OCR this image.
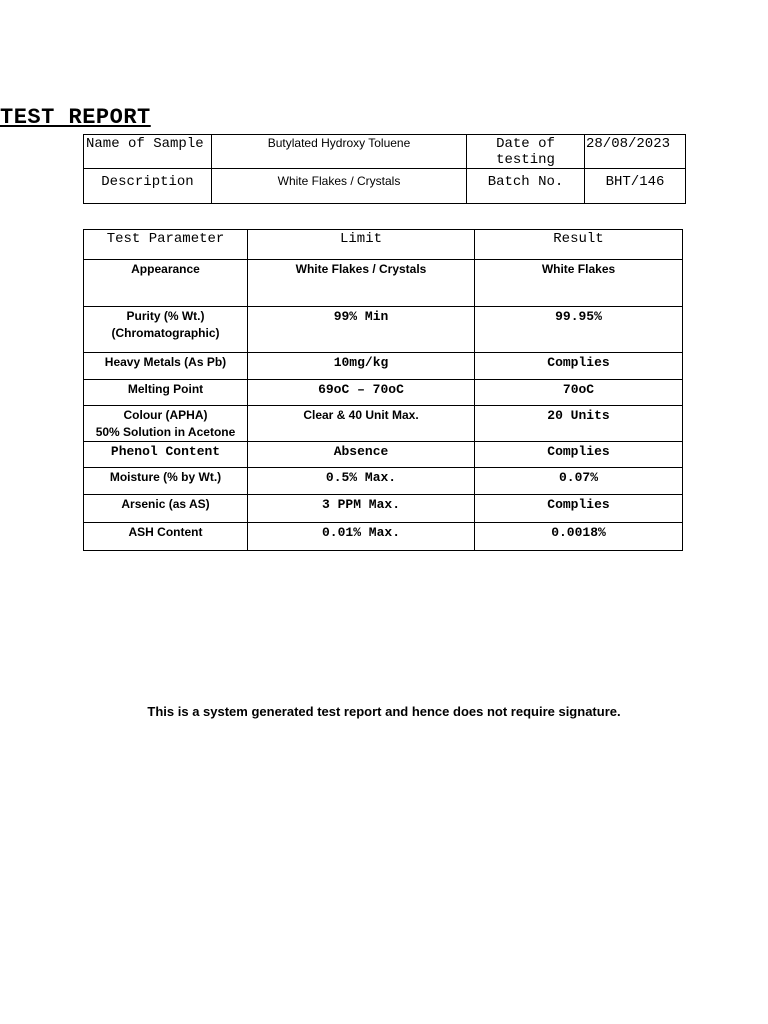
TEST REPORT
Name of Sample	Butylated Hydroxy Toluene	Date of testing	28/08/2023
Description	White Flakes / Crystals	Batch No.	BHT/146
Test Parameter	Limit	Result

Appearance	White Flakes / Crystals	White Flakes

Purity (% Wt.)
(Chromatographic)	99% Min	99.95%

Heavy Metals (As Pb)	10mg/kg	Complies

Melting Point	69oC – 70oC	70oC

Colour (APHA)
50% Solution in Acetone	Clear & 40 Unit Max.	20 Units

Phenol Content	Absence	Complies

Moisture (% by Wt.)	0.5% Max.	0.07%

Arsenic (as AS)	3 PPM Max.	Complies

ASH Content	0.01% Max.	0.0018%
This is a system generated test report and hence does not require signature.
